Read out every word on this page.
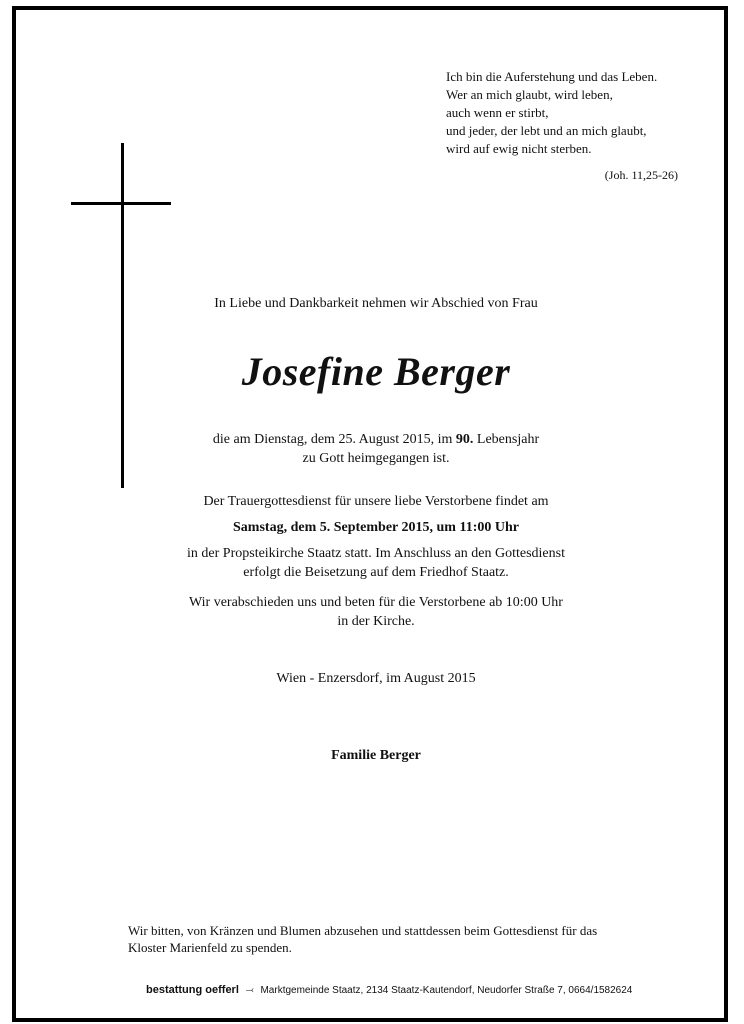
Ich bin die Auferstehung und das Leben.
Wer an mich glaubt, wird leben,
auch wenn er stirbt,
und jeder, der lebt und an mich glaubt,
wird auf ewig nicht sterben.
(Joh. 11,25-26)
In Liebe und Dankbarkeit nehmen wir Abschied von Frau
Josefine Berger
die am Dienstag, dem 25. August 2015, im 90. Lebensjahr
zu Gott heimgegangen ist.
Der Trauergottesdienst für unsere liebe Verstorbene findet am
Samstag, dem 5. September 2015, um 11:00 Uhr
in der Propsteikirche Staatz statt. Im Anschluss an den Gottesdienst
erfolgt die Beisetzung auf dem Friedhof Staatz.
Wir verabschieden uns und beten für die Verstorbene ab 10:00 Uhr
in der Kirche.
Wien - Enzersdorf, im August 2015
Familie Berger
Wir bitten, von Kränzen und Blumen abzusehen und stattdessen beim Gottesdienst für das
Kloster Marienfeld zu spenden.
bestattung oefferl ⤙ Marktgemeinde Staatz, 2134 Staatz-Kautendorf, Neudorfer Straße 7, 0664/1582624
